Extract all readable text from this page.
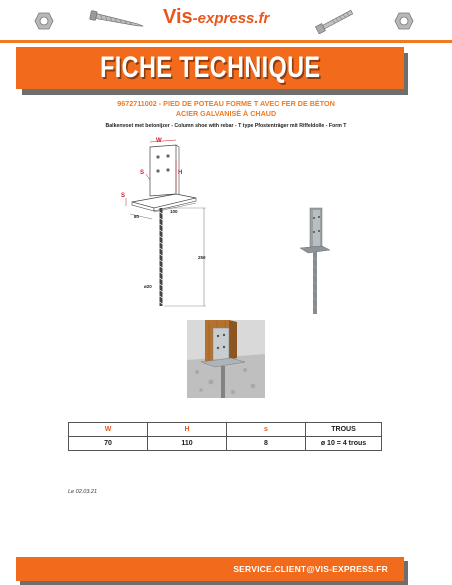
Vis-express.fr
FICHE TECHNIQUE
9672711002 - PIED DE POTEAU FORME T AVEC FER DE BÉTON
ACIER GALVANISÉ À CHAUD
Balkenvoet met betonijzer - Column shoe with rebar - T type Pfostenträger mit Riffeldolle - Form T
W
H
S
S
80
100
250
ø20
W	H	s	TROUS
70	110	8	ø 10 = 4 trous
Le 02.03.21
SERVICE.CLIENT@VIS-EXPRESS.FR
